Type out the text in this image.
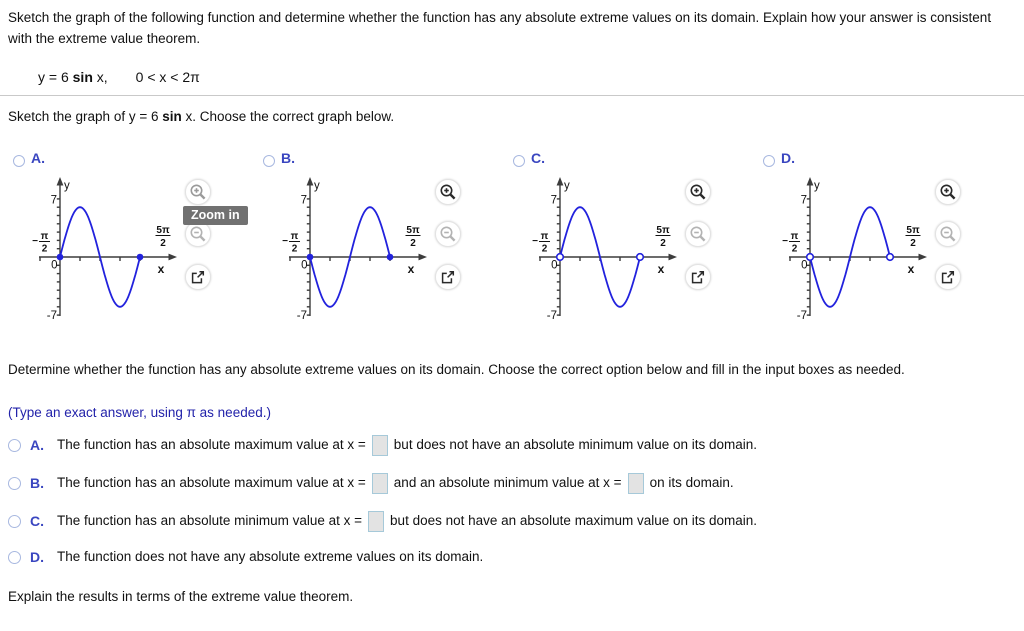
Sketch the graph of the following function and determine whether the function has any absolute extreme values on its domain. Explain how your answer is consistent with the extreme value theorem.
y = 6 sin x, 0 < x < 2π
Sketch the graph of y = 6 sin x. Choose the correct graph below.
A.
7
-7
0
y
x
− π
2
5π
2
Zoom in
B.
7
-7
0
y
x
− π
2
5π
2
C.
7
-7
0
y
x
− π
2
5π
2
D.
7
-7
0
y
x
− π
2
5π
2
Determine whether the function has any absolute extreme values on its domain. Choose the correct option below and fill in the input boxes as needed.
(Type an exact answer, using π as needed.)
A. The function has an absolute maximum value at x = but does not have an absolute minimum value on its domain.
B. The function has an absolute maximum value at x = and an absolute minimum value at x = on its domain.
C. The function has an absolute minimum value at x = but does not have an absolute maximum value on its domain.
D. The function does not have any absolute extreme values on its domain.
Explain the results in terms of the extreme value theorem.
